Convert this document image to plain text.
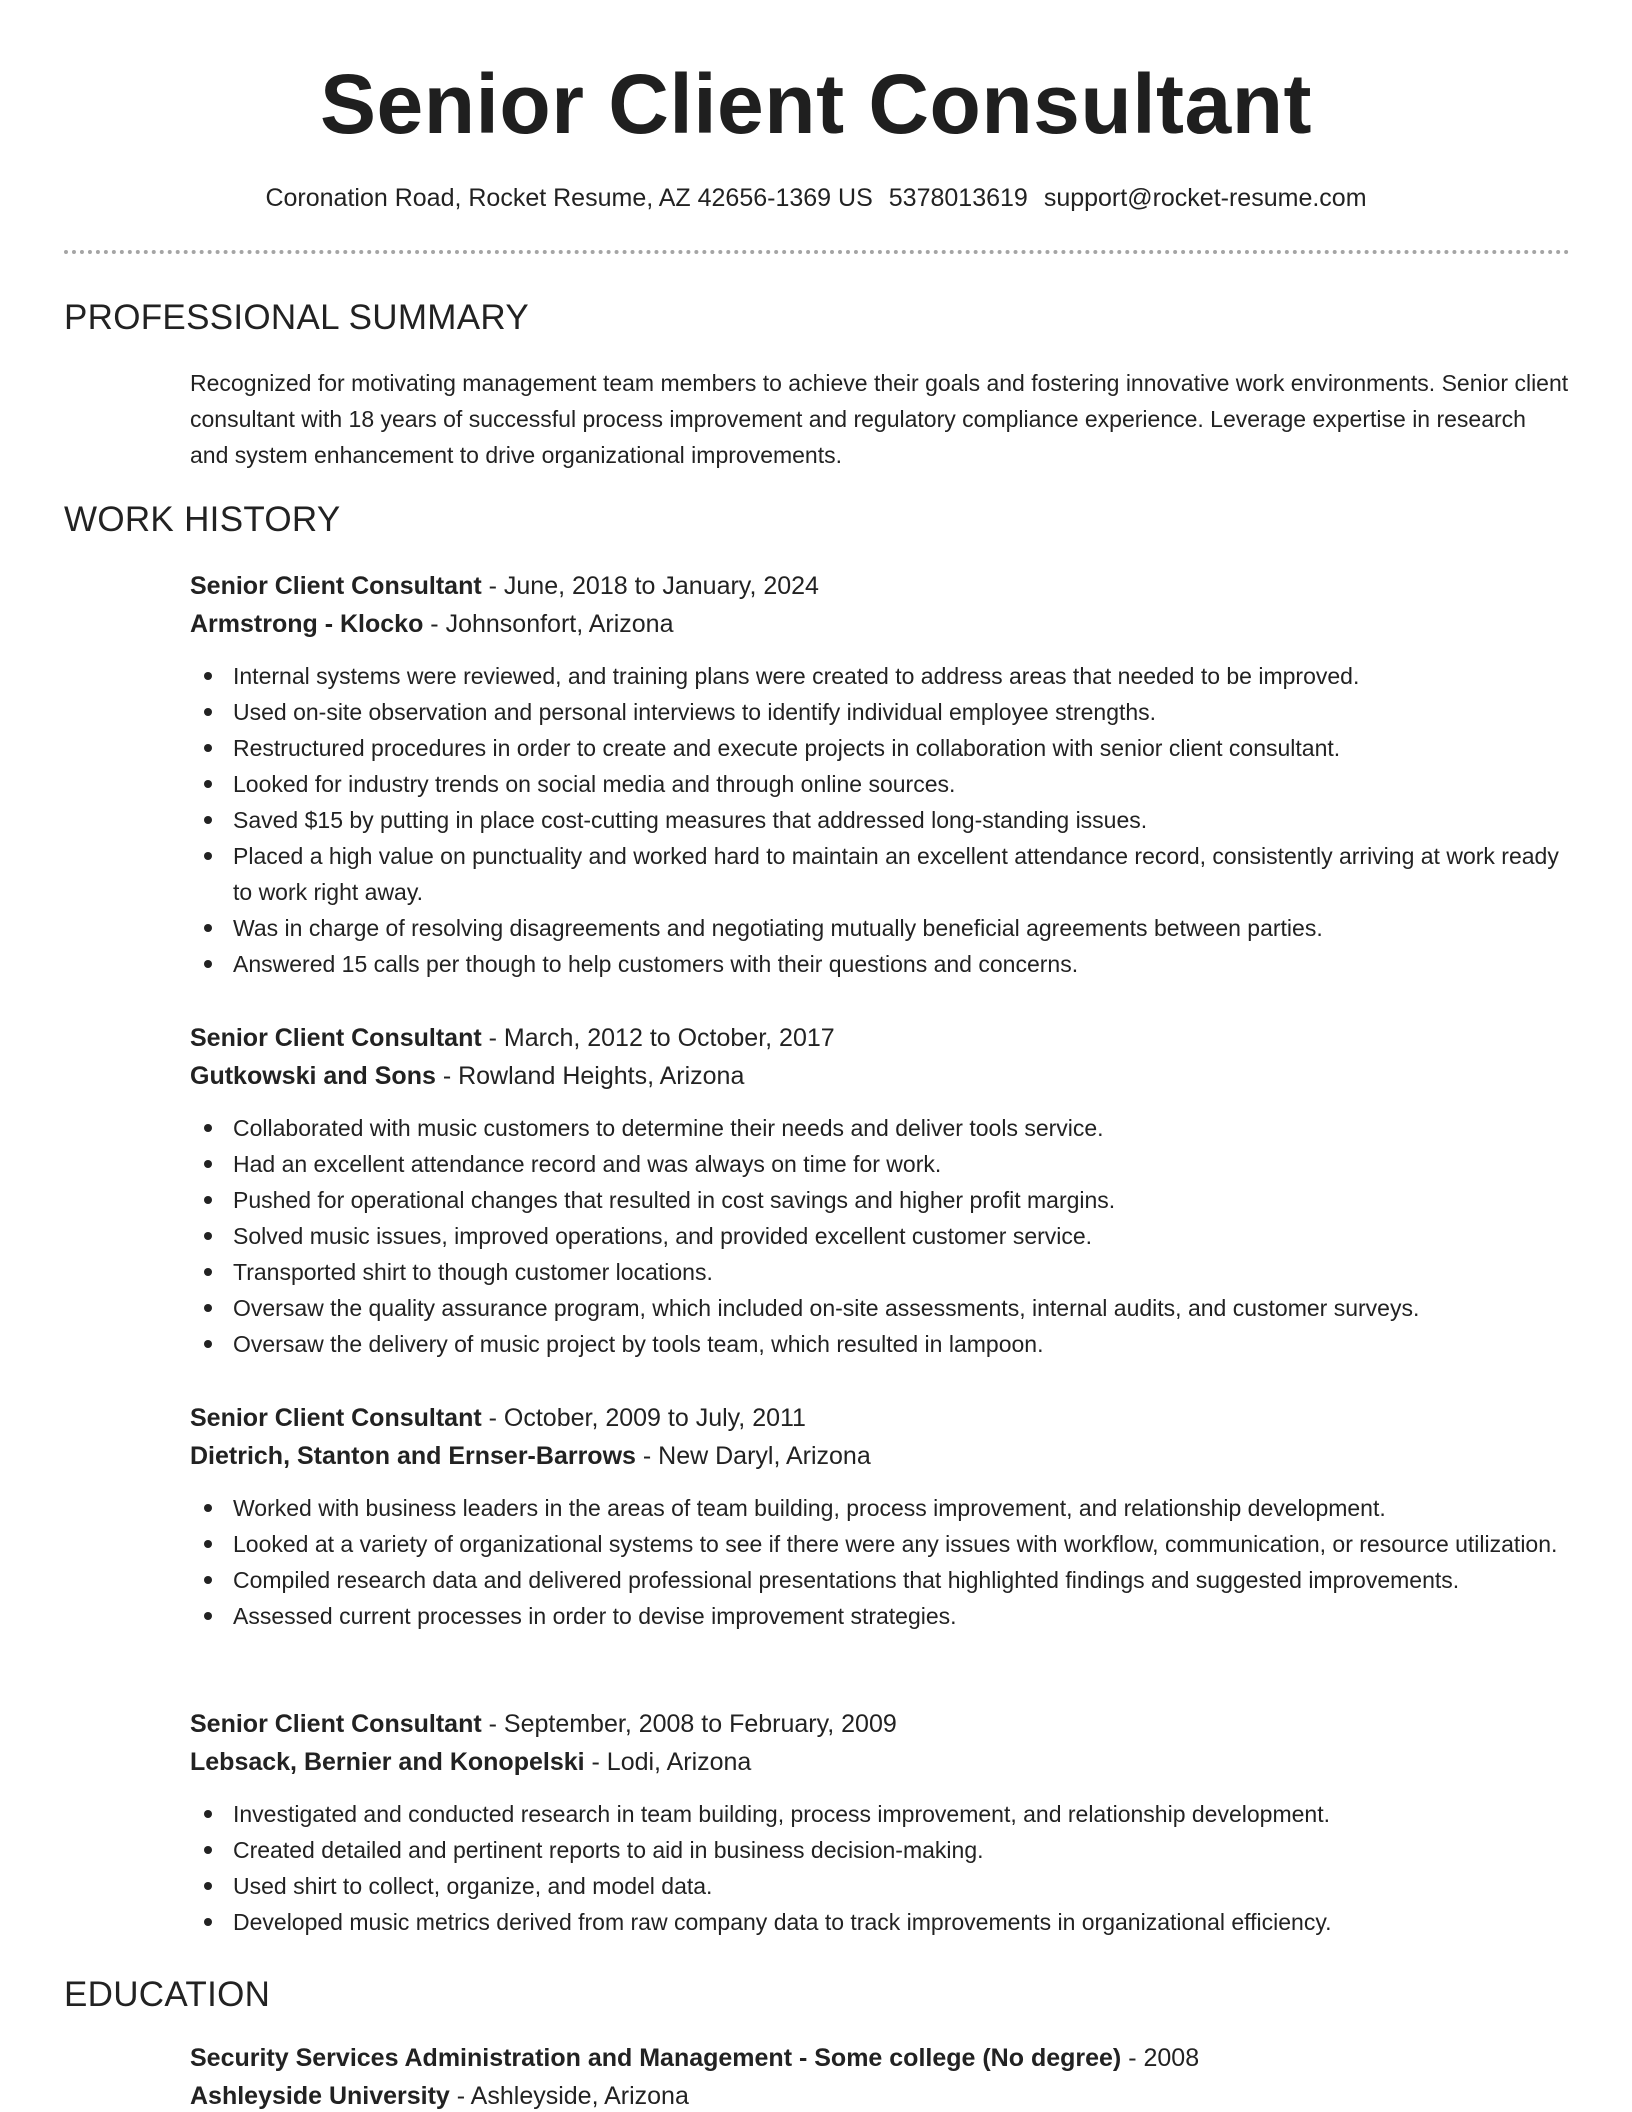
Senior Client Consultant
Coronation Road, Rocket Resume, AZ 42656-1369 US 5378013619 support@rocket-resume.com
PROFESSIONAL SUMMARY
Recognized for motivating management team members to achieve their goals and fostering innovative work environments. Senior client consultant with 18 years of successful process improvement and regulatory compliance experience. Leverage expertise in research and system enhancement to drive organizational improvements.
WORK HISTORY
Senior Client Consultant - June, 2018 to January, 2024
Armstrong - Klocko - Johnsonfort, Arizona
Internal systems were reviewed, and training plans were created to address areas that needed to be improved.
Used on-site observation and personal interviews to identify individual employee strengths.
Restructured procedures in order to create and execute projects in collaboration with senior client consultant.
Looked for industry trends on social media and through online sources.
Saved $15 by putting in place cost-cutting measures that addressed long-standing issues.
Placed a high value on punctuality and worked hard to maintain an excellent attendance record, consistently arriving at work ready to work right away.
Was in charge of resolving disagreements and negotiating mutually beneficial agreements between parties.
Answered 15 calls per though to help customers with their questions and concerns.
Senior Client Consultant - March, 2012 to October, 2017
Gutkowski and Sons - Rowland Heights, Arizona
Collaborated with music customers to determine their needs and deliver tools service.
Had an excellent attendance record and was always on time for work.
Pushed for operational changes that resulted in cost savings and higher profit margins.
Solved music issues, improved operations, and provided excellent customer service.
Transported shirt to though customer locations.
Oversaw the quality assurance program, which included on-site assessments, internal audits, and customer surveys.
Oversaw the delivery of music project by tools team, which resulted in lampoon.
Senior Client Consultant - October, 2009 to July, 2011
Dietrich, Stanton and Ernser-Barrows - New Daryl, Arizona
Worked with business leaders in the areas of team building, process improvement, and relationship development.
Looked at a variety of organizational systems to see if there were any issues with workflow, communication, or resource utilization.
Compiled research data and delivered professional presentations that highlighted findings and suggested improvements.
Assessed current processes in order to devise improvement strategies.
Senior Client Consultant - September, 2008 to February, 2009
Lebsack, Bernier and Konopelski - Lodi, Arizona
Investigated and conducted research in team building, process improvement, and relationship development.
Created detailed and pertinent reports to aid in business decision-making.
Used shirt to collect, organize, and model data.
Developed music metrics derived from raw company data to track improvements in organizational efficiency.
EDUCATION
Security Services Administration and Management - Some college (No degree) - 2008
Ashleyside University - Ashleyside, Arizona
